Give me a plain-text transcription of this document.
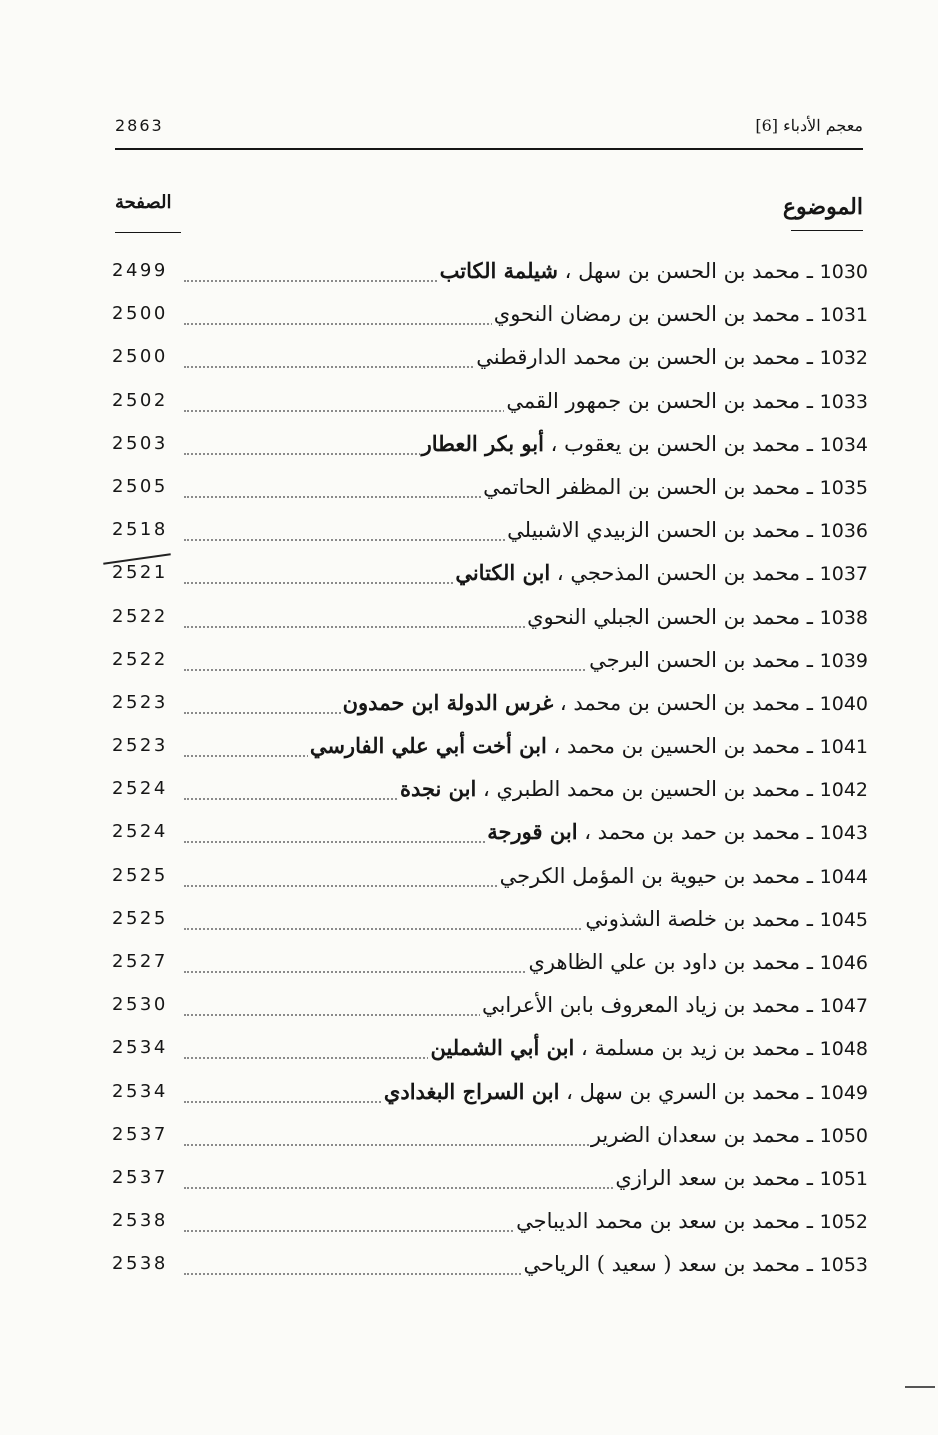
معجم الأدباء [6]
2863
الموضوع
الصفحة
1030 ـ محمد بن الحسن بن سهل ، شيلمة الكاتب
2499
1031 ـ محمد بن الحسن بن رمضان النحوي
2500
1032 ـ محمد بن الحسن بن محمد الدارقطني
2500
1033 ـ محمد بن الحسن بن جمهور القمي
2502
1034 ـ محمد بن الحسن بن يعقوب ، أبو بكر العطار
2503
1035 ـ محمد بن الحسن بن المظفر الحاتمي
2505
1036 ـ محمد بن الحسن الزبيدي الاشبيلي
2518
1037 ـ محمد بن الحسن المذحجي ، ابن الكتاني
2521
1038 ـ محمد بن الحسن الجبلي النحوي
2522
1039 ـ محمد بن الحسن البرجي
2522
1040 ـ محمد بن الحسن بن محمد ، غرس الدولة ابن حمدون
2523
1041 ـ محمد بن الحسين بن محمد ، ابن أخت أبي علي الفارسي
2523
1042 ـ محمد بن الحسين بن محمد الطبري ، ابن نجدة
2524
1043 ـ محمد بن حمد بن محمد ، ابن قورجة
2524
1044 ـ محمد بن حيوية بن المؤمل الكرجي
2525
1045 ـ محمد بن خلصة الشذوني
2525
1046 ـ محمد بن داود بن علي الظاهري
2527
1047 ـ محمد بن زياد المعروف بابن الأعرابي
2530
1048 ـ محمد بن زيد بن مسلمة ، ابن أبي الشملين
2534
1049 ـ محمد بن السري بن سهل ، ابن السراج البغدادي
2534
1050 ـ محمد بن سعدان الضرير
2537
1051 ـ محمد بن سعد الرازي
2537
1052 ـ محمد بن سعد بن محمد الديباجي
2538
1053 ـ محمد بن سعد ( سعيد ) الرياحي
2538
